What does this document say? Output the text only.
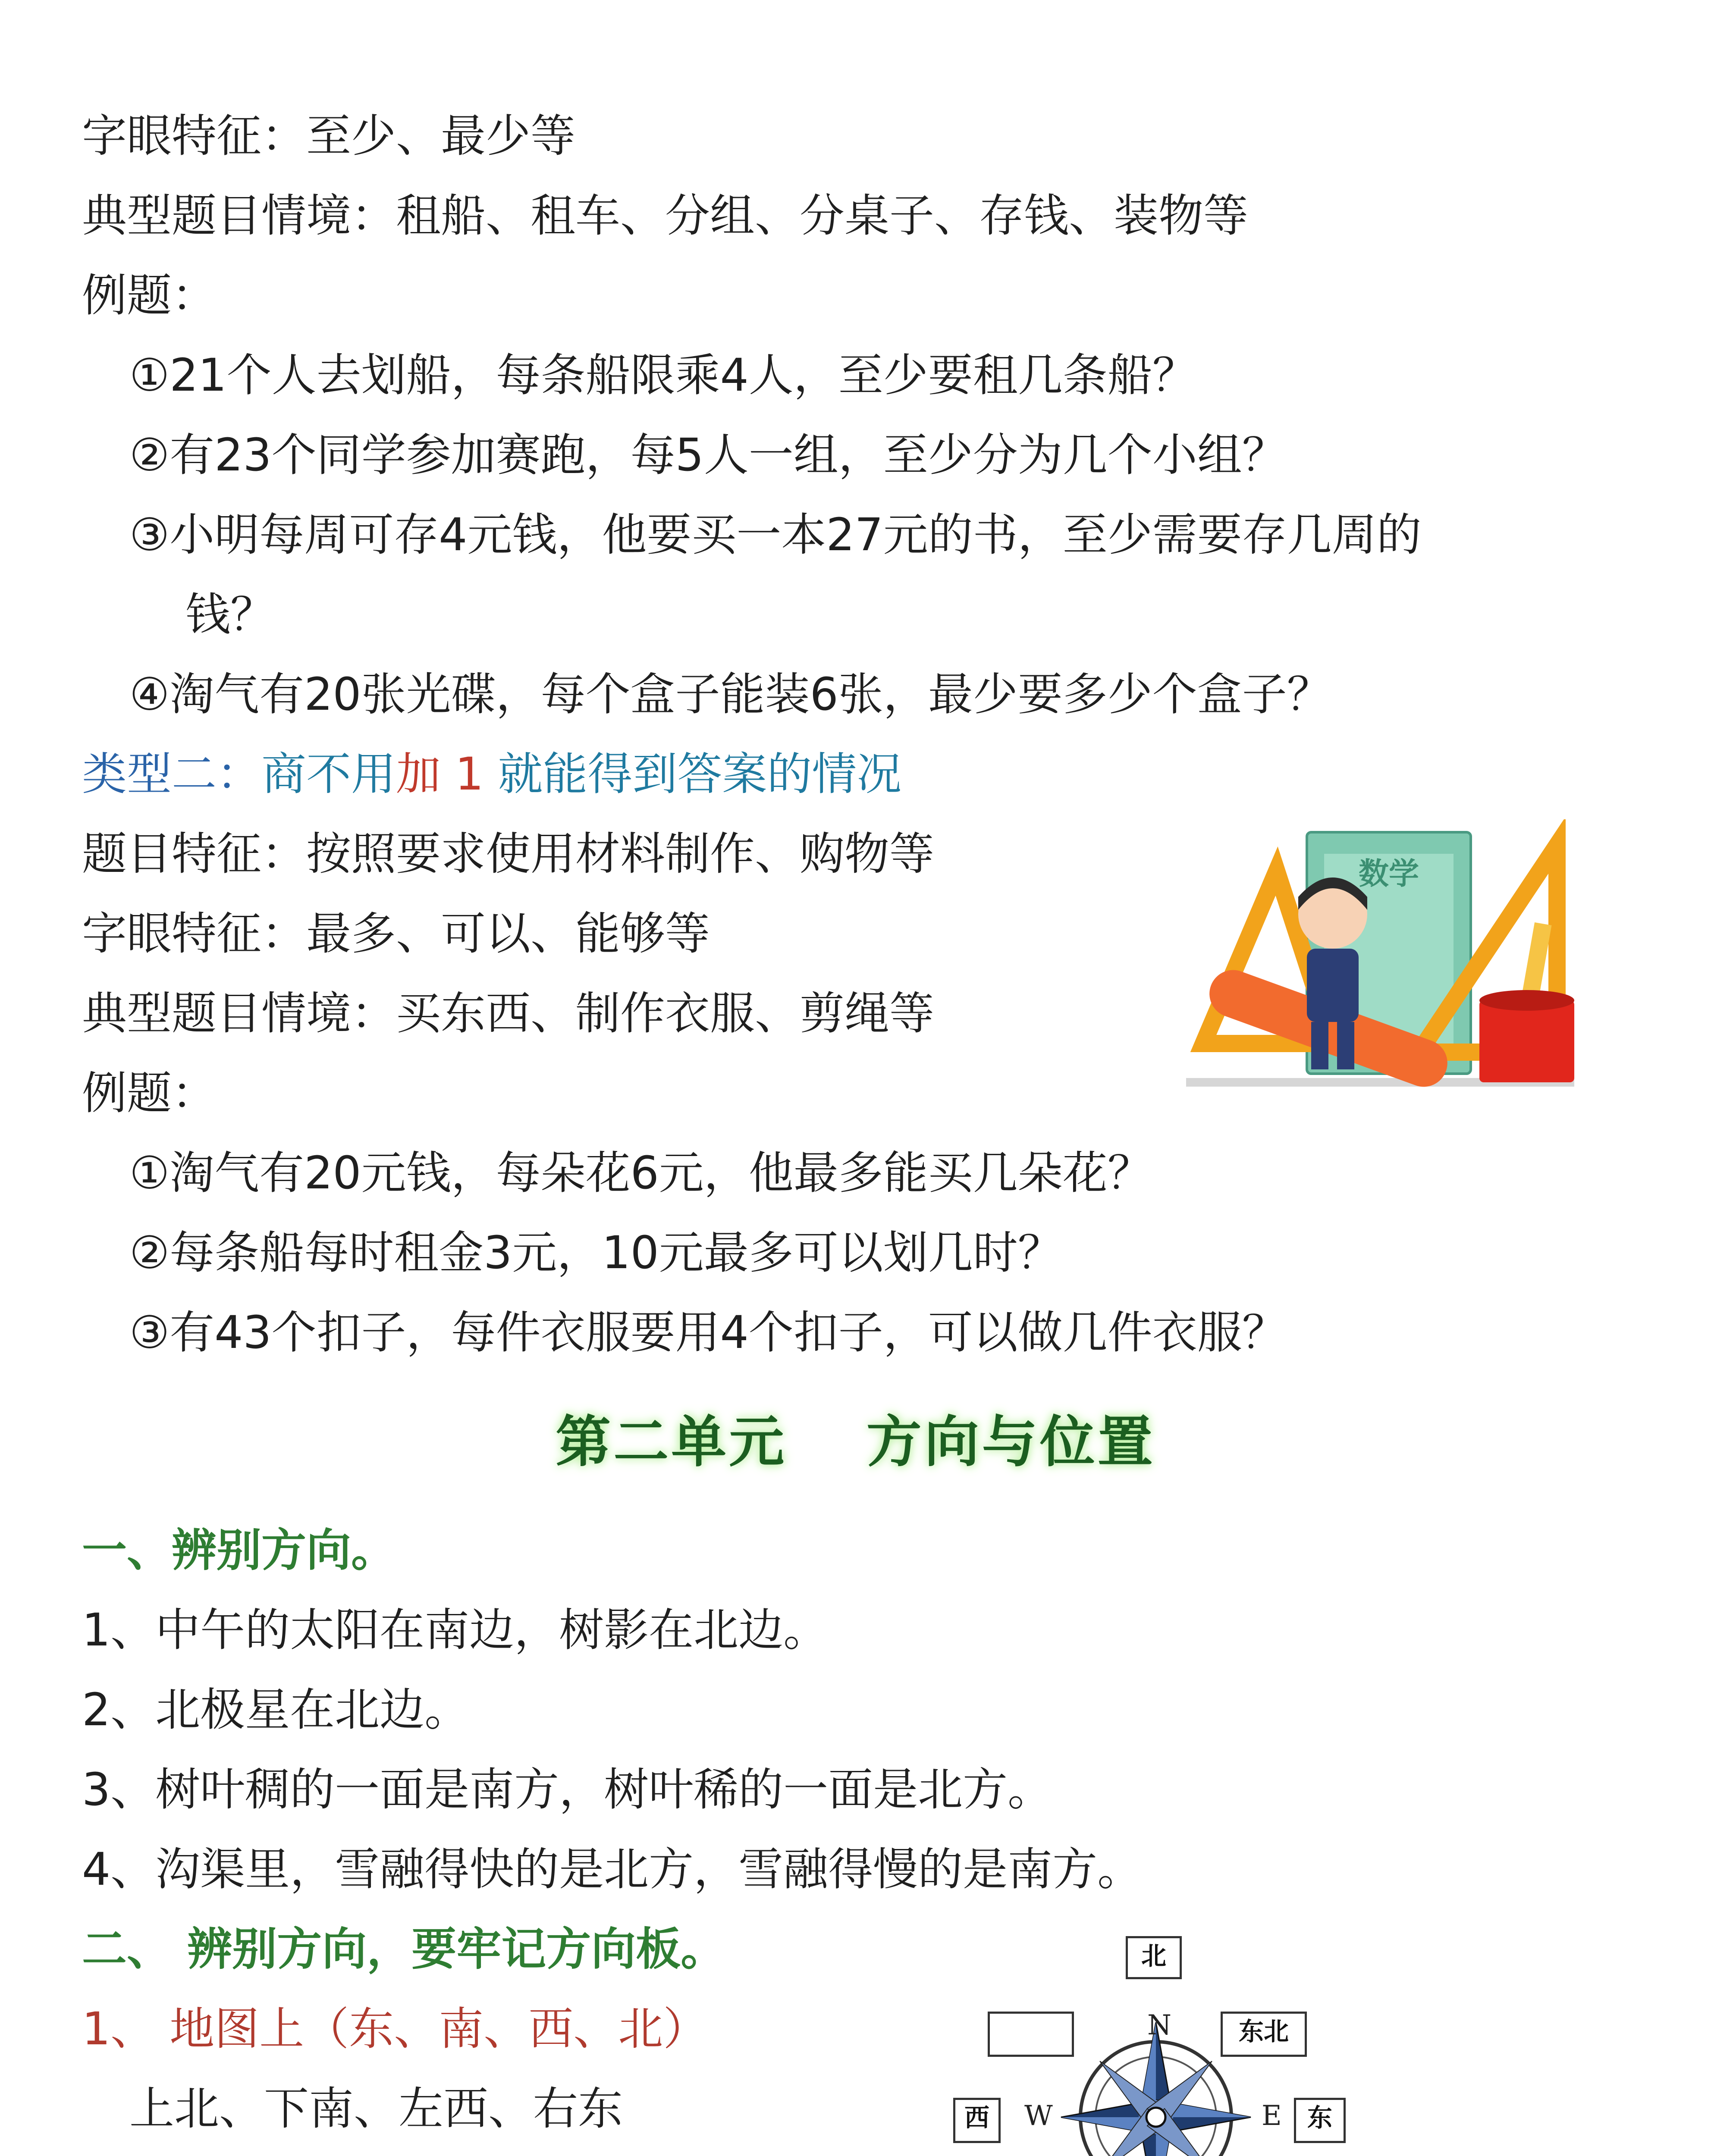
字眼特征：至少、最少等
典型题目情境：租船、租车、分组、分桌子、存钱、装物等
例题：
①21个人去划船，每条船限乘4人，至少要租几条船？
②有23个同学参加赛跑，每5人一组，至少分为几个小组？
③小明每周可存4元钱，他要买一本27元的书，至少需要存几周的
钱？
④淘气有20张光碟，每个盒子能装6张，最少要多少个盒子？
类型二：商不用加 1 就能得到答案的情况
题目特征：按照要求使用材料制作、购物等
字眼特征：最多、可以、能够等
典型题目情境：买东西、制作衣服、剪绳等
例题：
①淘气有20元钱，每朵花6元，他最多能买几朵花？
②每条船每时租金3元，10元最多可以划几时？
③有43个扣子，每件衣服要用4个扣子，可以做几件衣服？
数学
第二单元　 方向与位置
一、辨别方向。
1、中午的太阳在南边，树影在北边。
2、北极星在北边。
3、树叶稠的一面是南方，树叶稀的一面是北方。
4、沟渠里，雪融得快的是北方，雪融得慢的是南方。
二、 辨别方向，要牢记方向板。
1、 地图上（东、南、西、北）
上北、下南、左西、右东
N
E
W
北
东北
西	东
